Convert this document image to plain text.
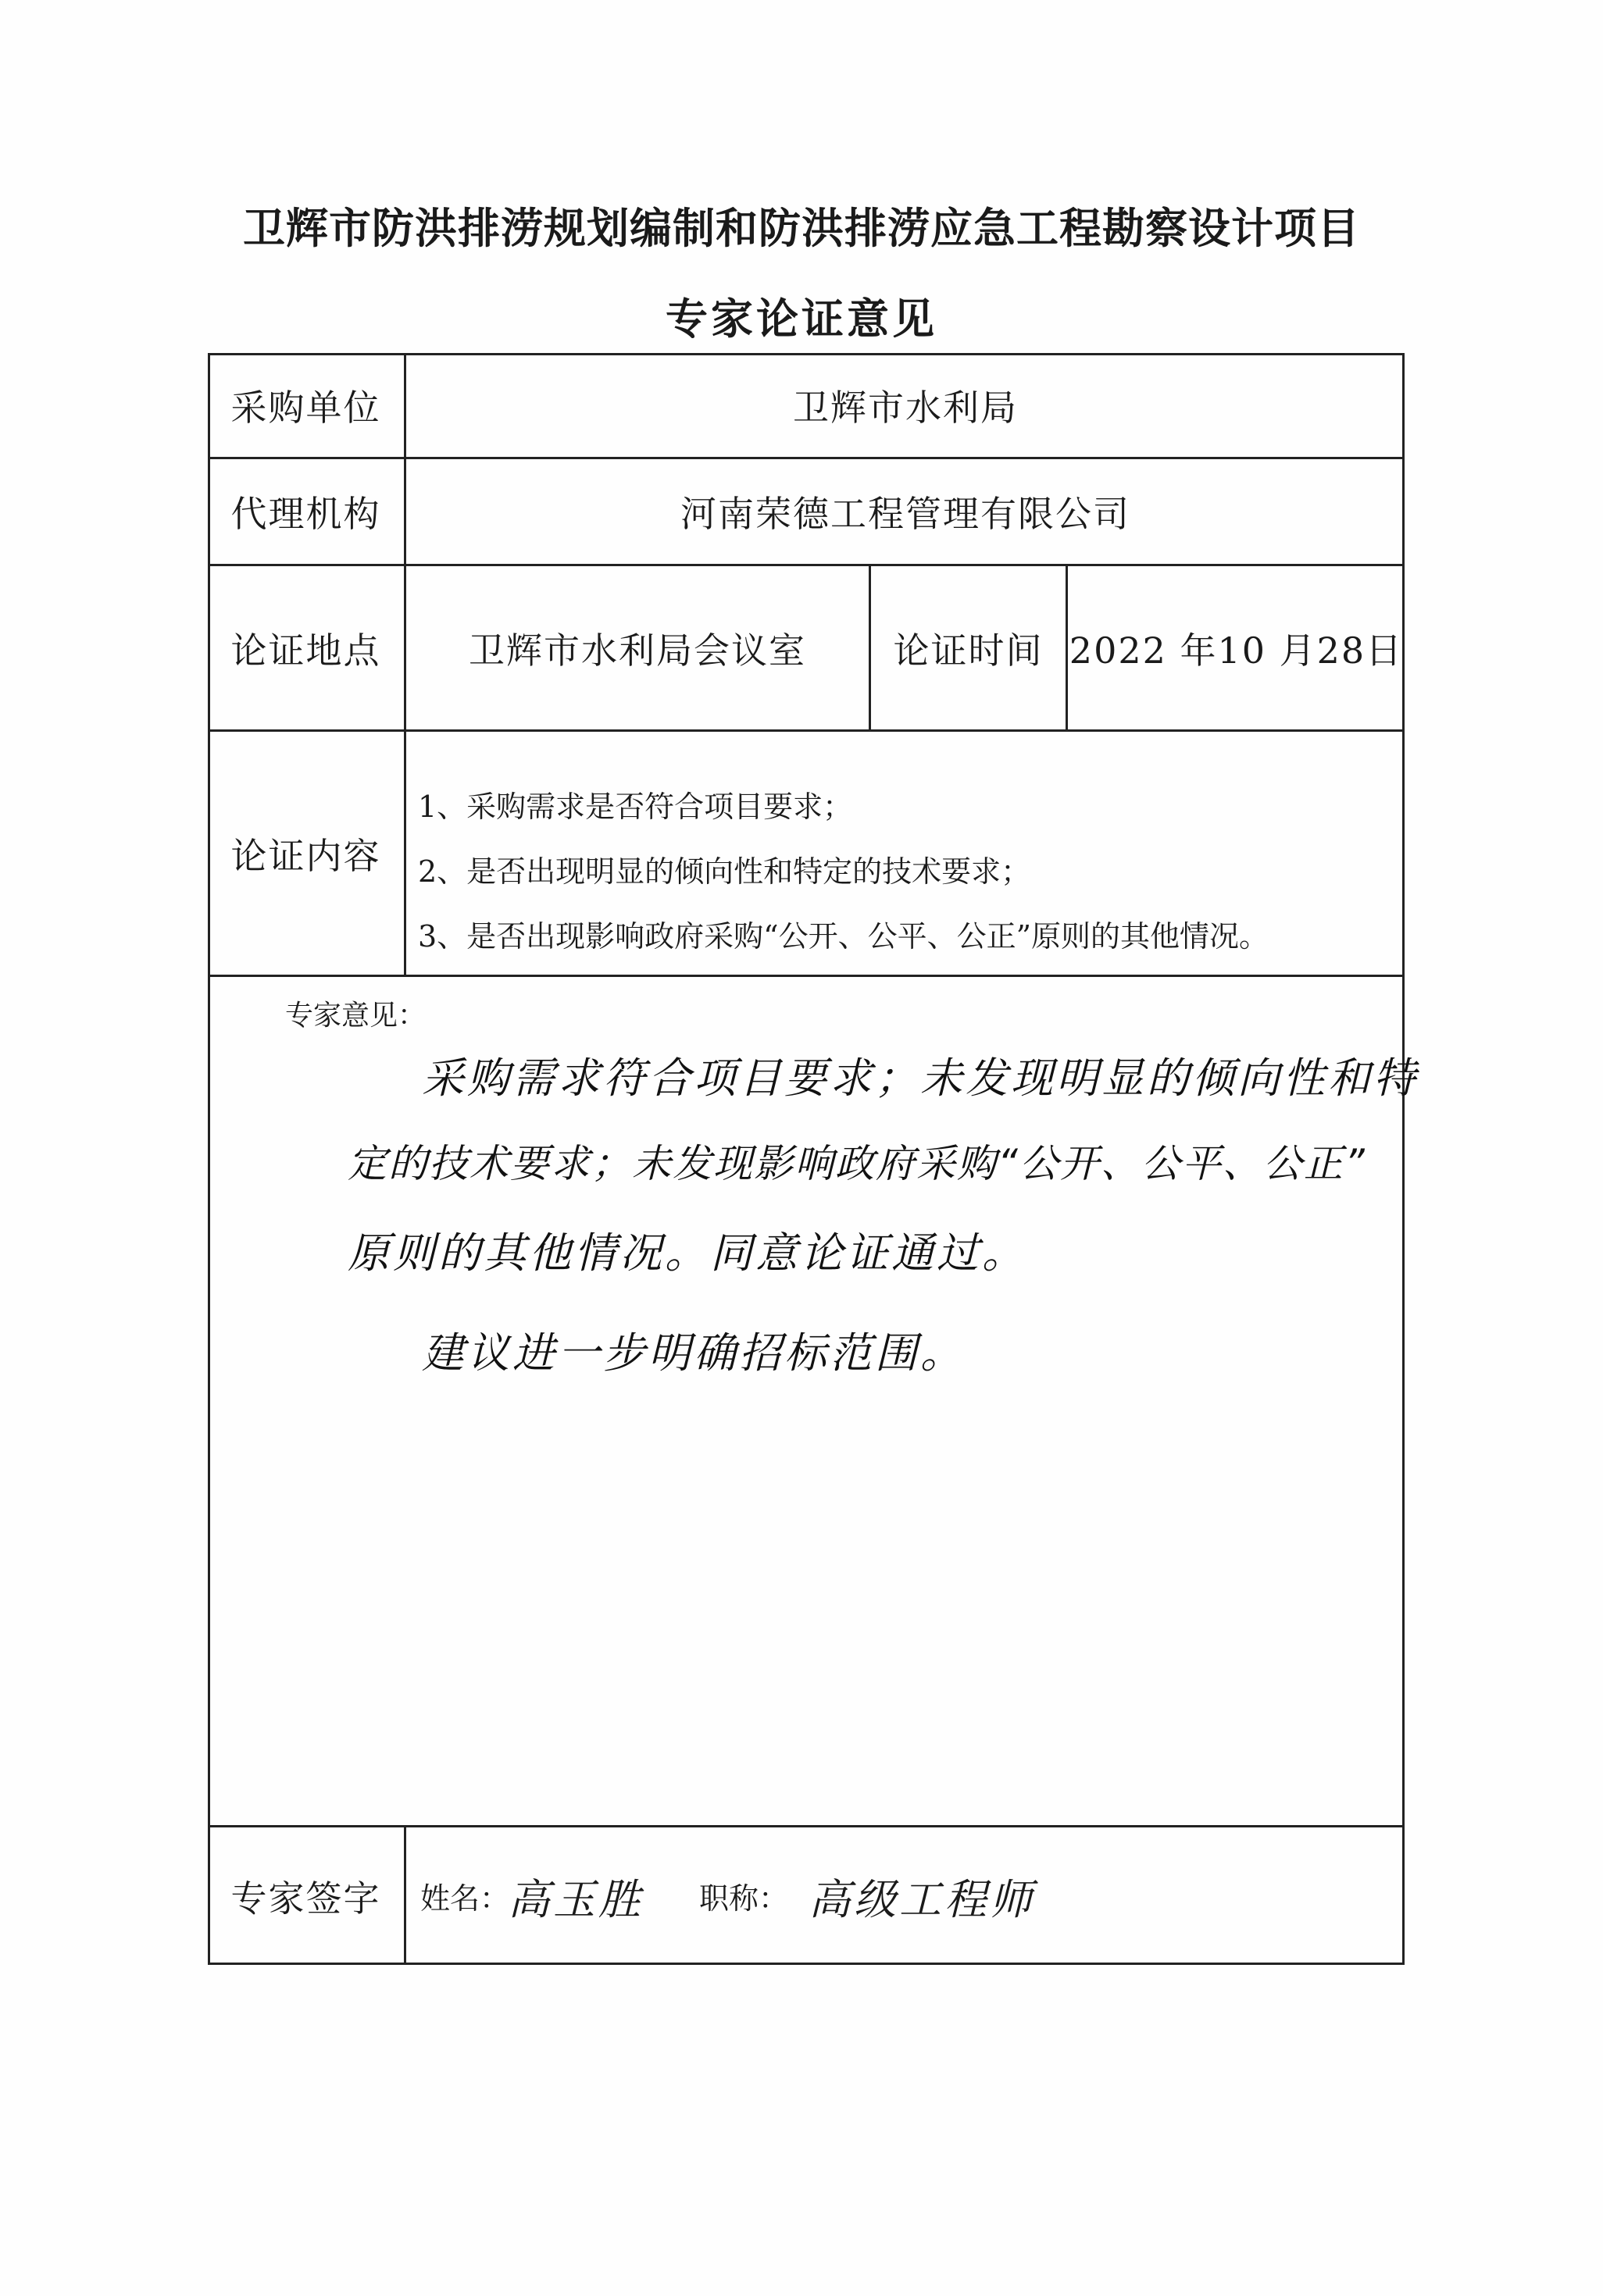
卫辉市防洪排涝规划编制和防洪排涝应急工程勘察设计项目
专家论证意见
采购单位	卫辉市水利局
代理机构	河南荣德工程管理有限公司
论证地点	卫辉市水利局会议室	论证时间 2022 年10 月28日
论证内容
1、采购需求是否符合项目要求；
2、是否出现明显的倾向性和特定的技术要求；
3、是否出现影响政府采购“公开、公平、公正”原则的其他情况。
专家意见：
采购需求符合项目要求；未发现明显的倾向性和特
定的技术要求；未发现影响政府采购“公开、公平、公正”
原则的其他情况。同意论证通过。
建议进一步明确招标范围。
专家签字	姓名：
高玉胜 职称： 高级工程师
